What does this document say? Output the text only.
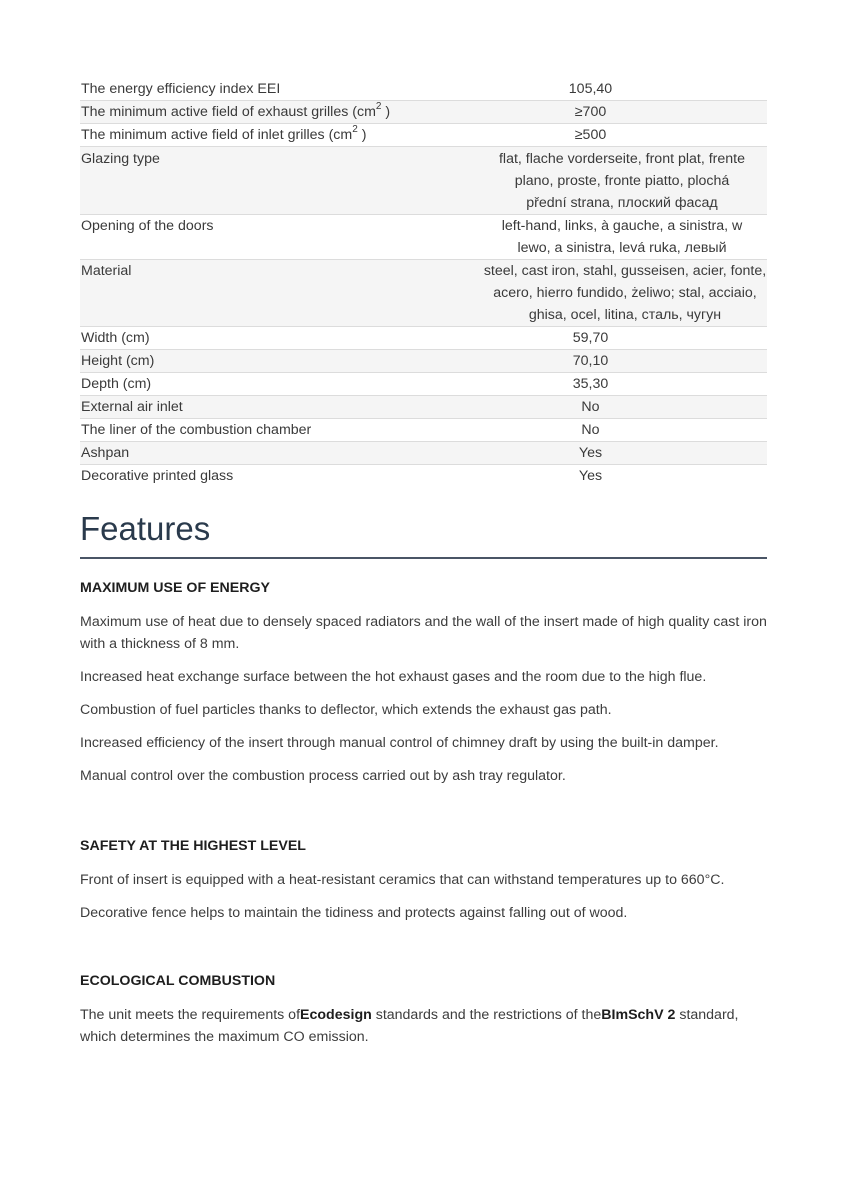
The energy efficiency index EEI	105,40
The minimum active field of exhaust grilles ($cm^2$ )	≥700
The minimum active field of inlet grilles ($cm^2$ )	≥500
Glazing type	flat, flache vorderseite, front plat, frente plano, proste, fronte piatto, plochá přední strana, плоский фасад
Opening of the doors	left-hand, links, à gauche, a sinistra, w lewo, a sinistra, levá ruka, левый
Material	steel, cast iron, stahl, gusseisen, acier, fonte, acero, hierro fundido, żeliwo; stal, acciaio, ghisa, ocel, litina, сталь, чугун
Width (cm)	59,70
Height (cm)	70,10
Depth (cm)	35,30
External air inlet	No
The liner of the combustion chamber	No
Ashpan	Yes
Decorative printed glass	Yes
Features
MAXIMUM USE OF ENERGY

Maximum use of heat due to densely spaced radiators and the wall of the insert made of high quality cast iron with a thickness of 8 mm.

Increased heat exchange surface between the hot exhaust gases and the room due to the high flue.

Combustion of fuel particles thanks to deflector, which extends the exhaust gas path.

Increased efficiency of the insert through manual control of chimney draft by using the built-in damper.

Manual control over the combustion process carried out by ash tray regulator.

SAFETY AT THE HIGHEST LEVEL

Front of insert is equipped with a heat-resistant ceramics that can withstand temperatures up to 660°C.

Decorative fence helps to maintain the tidiness and protects against falling out of wood.

ECOLOGICAL COMBUSTION

The unit meets the requirements ofEcodesign standards and the restrictions of theBImSchV 2 standard, which determines the maximum CO emission.
